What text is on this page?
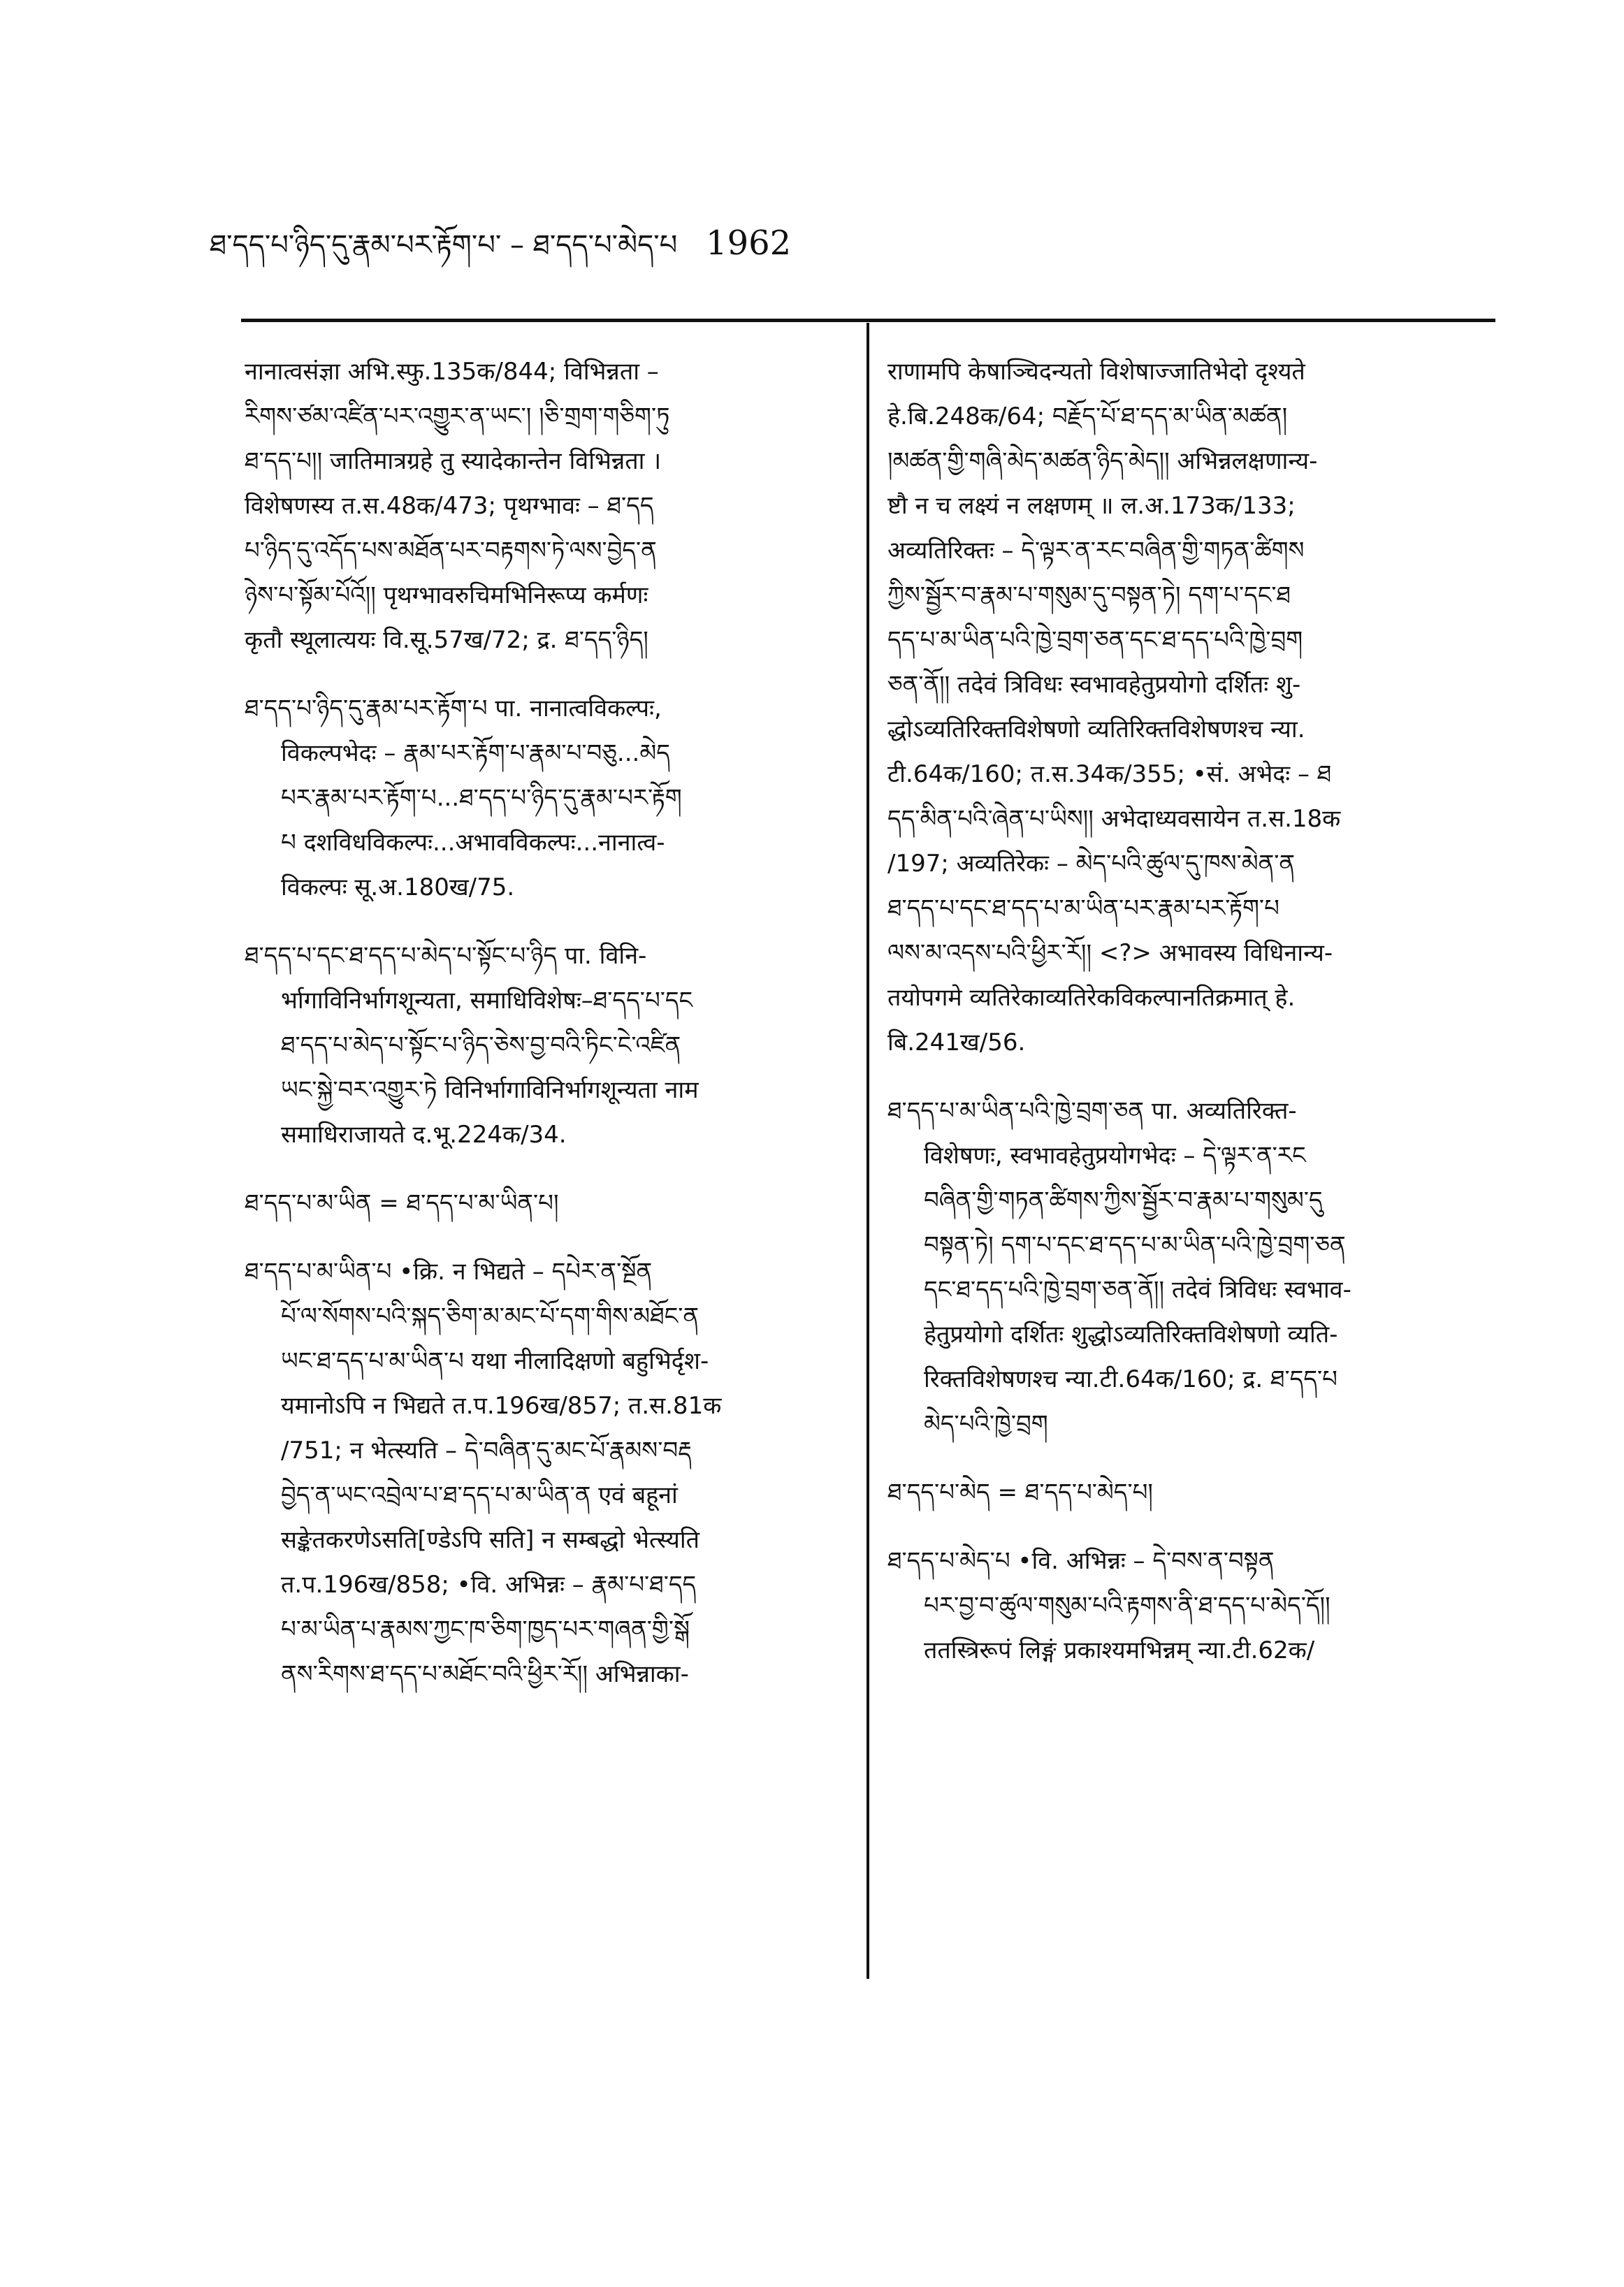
ཐ་དད་པ་ཉིད་དུ་རྣམ་པར་རྟོག་པ་ – ཐ་དད་པ་མེད་པ 1962
नानात्वसंज्ञा अभि.स्फु.135क/844; विभिन्नता –
རིགས་ཙམ་འཛིན་པར་འགྱུར་ན་ཡང་། །ཅི་གྲག་གཅིག་ཏུ
ཐ་དད་པ།། जातिमात्रग्रहे तु स्यादेकान्तेन विभिन्नता ।
विशेषणस्य त.स.48क/473; पृथग्भावः – ཐ་དད
པ་ཉིད་དུ་འདོད་པས་མཐོན་པར་བརྟགས་ཏེ་ལས་བྱེད་ན
ཉེས་པ་སྟོམ་པོའོ།། पृथग्भावरुचिमभिनिरूप्य कर्मणः
कृतौ स्थूलात्ययः वि.सू.57ख/72; द्र. ཐ་དད་ཉིད།
ཐ་དད་པ་ཉིད་དུ་རྣམ་པར་རྟོག་པ पा. नानात्वविकल्पः,
विकल्पभेदः – རྣམ་པར་རྟོག་པ་རྣམ་པ་བཅུ...མེད
པར་རྣམ་པར་རྟོག་པ...ཐ་དད་པ་ཉིད་དུ་རྣམ་པར་རྟོག
པ दशविधविकल्पः...अभावविकल्पः...नानात्व-
विकल्पः सू.अ.180ख/75.
ཐ་དད་པ་དང་ཐ་དད་པ་མེད་པ་སྟོང་པ་ཉིད पा. विनि-
र्भागाविनिर्भागशून्यता, समाधिविशेषः–ཐ་དད་པ་དང
ཐ་དད་པ་མེད་པ་སྟོང་པ་ཉིད་ཅེས་བྱ་བའི་ཏིང་ངེ་འཛིན
ཡང་སྐྱེ་བར་འགྱུར་ཏེ विनिर्भागाविनिर्भागशून्यता नाम
समाधिराजायते द.भू.224क/34.
ཐ་དད་པ་མ་ཡིན = ཐ་དད་པ་མ་ཡིན་པ།
ཐ་དད་པ་མ་ཡིན་པ •क्रि. न भिद्यते – དཔེར་ན་སྔོན
པོ་ལ་སོགས་པའི་སྐད་ཅིག་མ་མང་པོ་དག་གིས་མཐོང་ན
ཡང་ཐ་དད་པ་མ་ཡིན་པ यथा नीलादिक्षणो बहुभिर्दृश-
यमानोऽपि न भिद्यते त.प.196ख/857; त.स.81क
/751; न भेत्स्यति – དེ་བཞིན་དུ་མང་པོ་རྣམས་བརྡ
བྱེད་ན་ཡང་འབྲེལ་པ་ཐ་དད་པ་མ་ཡིན་ན एवं बहूनां
सङ्केतकरणेऽसति[ण्डेऽपि सति] न सम्बद्धो भेत्स्यति
त.प.196ख/858; •वि. अभिन्नः – རྣམ་པ་ཐ་དད
པ་མ་ཡིན་པ་རྣམས་ཀྱང་ཁ་ཅིག་ཁྱད་པར་གཞན་གྱི་སྒོ
ནས་རིགས་ཐ་དད་པ་མཐོང་བའི་ཕྱིར་རོ།། अभिन्नाका-
राणामपि केषाञ्चिदन्यतो विशेषाज्जातिभेदो दृश्यते
हे.बि.248क/64; བརྗོད་པོ་ཐ་དད་མ་ཡིན་མཚན།
།མཚན་གྱི་གཞི་མེད་མཚན་ཉིད་མེད།། अभिन्नलक्षणान्य-
ष्टौ न च लक्ष्यं न लक्षणम् ॥ ल.अ.173क/133;
अव्यतिरिक्तः – དེ་ལྟར་ན་རང་བཞིན་གྱི་གཏན་ཚིགས
ཀྱིས་སྦྱོར་བ་རྣམ་པ་གསུམ་དུ་བསྟན་ཏེ། དག་པ་དང་ཐ
དད་པ་མ་ཡིན་པའི་ཁྱེ་བྲག་ཅན་དང་ཐ་དད་པའི་ཁྱེ་བྲག
ཅན་ནོ།། तदेवं त्रिविधः स्वभावहेतुप्रयोगो दर्शितः शु-
द्धोऽव्यतिरिक्तविशेषणो व्यतिरिक्तविशेषणश्च न्या.
टी.64क/160; त.स.34क/355; •सं. अभेदः – ཐ
དད་མིན་པའི་ཞེན་པ་ཡིས།། अभेदाध्यवसायेन त.स.18क
/197; अव्यतिरेकः – མེད་པའི་ཚུལ་དུ་ཁས་མེན་ན
ཐ་དད་པ་དང་ཐ་དད་པ་མ་ཡིན་པར་རྣམ་པར་རྟོག་པ
ལས་མ་འདས་པའི་ཕྱིར་རོ།། <?> अभावस्य विधिनान्य-
तयोपगमे व्यतिरेकाव्यतिरेकविकल्पानतिक्रमात् हे.
बि.241ख/56.
ཐ་དད་པ་མ་ཡིན་པའི་ཁྱེ་བྲག་ཅན पा. अव्यतिरिक्त-
विशेषणः, स्वभावहेतुप्रयोगभेदः – དེ་ལྟར་ན་རང
བཞིན་གྱི་གཏན་ཚིགས་ཀྱིས་སྦྱོར་བ་རྣམ་པ་གསུམ་དུ
བསྟན་ཏེ། དག་པ་དང་ཐ་དད་པ་མ་ཡིན་པའི་ཁྱེ་བྲག་ཅན
དང་ཐ་དད་པའི་ཁྱེ་བྲག་ཅན་ནོ།། तदेवं त्रिविधः स्वभाव-
हेतुप्रयोगो दर्शितः शुद्धोऽव्यतिरिक्तविशेषणो व्यति-
रिक्तविशेषणश्च न्या.टी.64क/160; द्र. ཐ་དད་པ
མེད་པའི་ཁྱེ་བྲག
ཐ་དད་པ་མེད = ཐ་དད་པ་མེད་པ།
ཐ་དད་པ་མེད་པ •वि. अभिन्नः – དེ་བས་ན་བསྟན
པར་བྱ་བ་ཚུལ་གསུམ་པའི་རྟགས་ནི་ཐ་དད་པ་མེད་དོ།།
ततस्त्रिरूपं लिङ्गं प्रकाश्यमभिन्नम् न्या.टी.62क/
